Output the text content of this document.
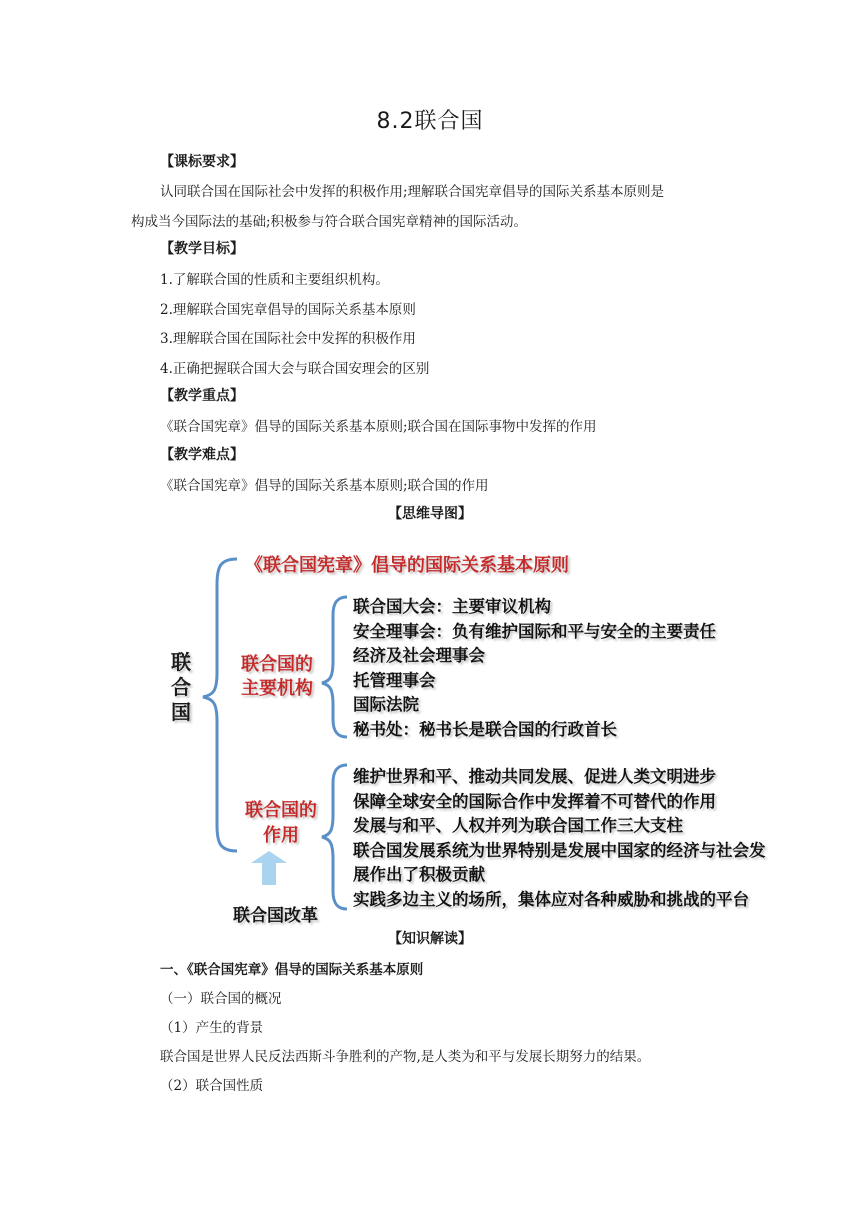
8.2联合国
【课标要求】
认同联合国在国际社会中发挥的积极作用;理解联合国宪章倡导的国际关系基本原则是
构成当今国际法的基础;积极参与符合联合国宪章精神的国际活动。
【教学目标】
1.了解联合国的性质和主要组织机构。
2.理解联合国宪章倡导的国际关系基本原则
3.理解联合国在国际社会中发挥的积极作用
4.正确把握联合国大会与联合国安理会的区别
【教学重点】
《联合国宪章》倡导的国际关系基本原则;联合国在国际事物中发挥的作用
【教学难点】
《联合国宪章》倡导的国际关系基本原则;联合国的作用
【思维导图】
联
合
国
《联合国宪章》倡导的国际关系基本原则
联合国的
主要机构
联合国大会：主要审议机构
安全理事会：负有维护国际和平与安全的主要责任
经济及社会理事会
托管理事会
国际法院
秘书处：秘书长是联合国的行政首长
联合国的
作用
维护世界和平、推动共同发展、促进人类文明进步
保障全球安全的国际合作中发挥着不可替代的作用
发展与和平、人权并列为联合国工作三大支柱
联合国发展系统为世界特别是发展中国家的经济与社会发
展作出了积极贡献
实践多边主义的场所，集体应对各种威胁和挑战的平台
联合国改革
【知识解读】
一、《联合国宪章》倡导的国际关系基本原则
（一）联合国的概况
（1）产生的背景
联合国是世界人民反法西斯斗争胜利的产物,是人类为和平与发展长期努力的结果。
（2）联合国性质
